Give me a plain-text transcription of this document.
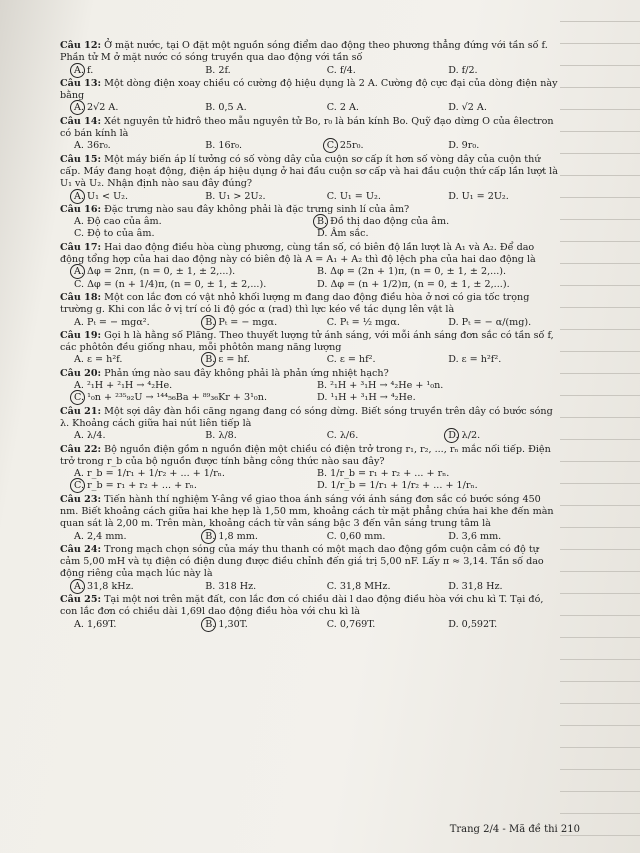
Câu 12: Ở mặt nước, tại O đặt một nguồn sóng điểm dao động theo phương thẳng đứng với tần số f. Phần tử M ở mặt nước có sóng truyền qua dao động với tần số
A. f.	B. 2f.	C. f/4.	D. f/2.
Câu 13: Một dòng điện xoay chiều có cường độ hiệu dụng là 2 A. Cường độ cực đại của dòng điện này bằng
A. 2√2 A.	B. 0,5 A.	C. 2 A.	D. √2 A.
Câu 14: Xét nguyên tử hiđrô theo mẫu nguyên tử Bo, r₀ là bán kính Bo. Quỹ đạo dừng O của êlectron có bán kính là
A. 36r₀.	B. 16r₀.	C. 25r₀.	D. 9r₀.
Câu 15: Một máy biến áp lí tưởng có số vòng dây của cuộn sơ cấp ít hơn số vòng dây của cuộn thứ cấp. Máy đang hoạt động, điện áp hiệu dụng ở hai đầu cuộn sơ cấp và hai đầu cuộn thứ cấp lần lượt là U₁ và U₂. Nhận định nào sau đây đúng?
A. U₁ < U₂.	B. U₁ > 2U₂.	C. U₁ = U₂.	D. U₁ = 2U₂.
Câu 16: Đặc trưng nào sau đây không phải là đặc trưng sinh lí của âm?
A. Độ cao của âm.	B. Đồ thị dao động của âm.
C. Độ to của âm.	D. Âm sắc.
Câu 17: Hai dao động điều hòa cùng phương, cùng tần số, có biên độ lần lượt là A₁ và A₂. Để dao động tổng hợp của hai dao động này có biên độ là A = A₁ + A₂ thì độ lệch pha của hai dao động là
A. Δφ = 2nπ, (n = 0, ± 1, ± 2,...).	B. Δφ = (2n + 1)π, (n = 0, ± 1, ± 2,...).
C. Δφ = (n + 1/4)π, (n = 0, ± 1, ± 2,...).	D. Δφ = (n + 1/2)π, (n = 0, ± 1, ± 2,...).
Câu 18: Một con lắc đơn có vật nhỏ khối lượng m đang dao động điều hòa ở nơi có gia tốc trọng trường g. Khi con lắc ở vị trí có li độ góc α (rad) thì lực kéo về tác dụng lên vật là
A. Pₜ = − mgα².	B. Pₜ = − mgα.	C. Pₜ = ½ mgα.	D. Pₜ = − α/(mg).
Câu 19: Gọi h là hằng số Plăng. Theo thuyết lượng tử ánh sáng, với mỗi ánh sáng đơn sắc có tần số f, các phôtôn đều giống nhau, mỗi phôtôn mang năng lượng
A. ε = h²f.	B. ε = hf.	C. ε = hf².	D. ε = h²f².
Câu 20: Phản ứng nào sau đây không phải là phản ứng nhiệt hạch?
A. ²₁H + ²₁H → ⁴₂He.	B. ²₁H + ³₁H → ⁴₂He + ¹₀n.
C. ¹₀n + ²³⁵₉₂U → ¹⁴⁴₅₆Ba + ⁸⁹₃₆Kr + 3¹₀n.	D. ¹₁H + ³₁H → ⁴₂He.
Câu 21: Một sợi dây đàn hồi căng ngang đang có sóng dừng. Biết sóng truyền trên dây có bước sóng λ. Khoảng cách giữa hai nút liên tiếp là
A. λ/4.	B. λ/8.	C. λ/6.	D. λ/2.
Câu 22: Bộ nguồn điện gồm n nguồn điện một chiều có điện trở trong r₁, r₂, ..., rₙ mắc nối tiếp. Điện trở trong r_b của bộ nguồn được tính bằng công thức nào sau đây?
A. r_b = 1/r₁ + 1/r₂ + ... + 1/rₙ.	B. 1/r_b = r₁ + r₂ + ... + rₙ.
C. r_b = r₁ + r₂ + ... + rₙ.	D. 1/r_b = 1/r₁ + 1/r₂ + ... + 1/rₙ.
Câu 23: Tiến hành thí nghiệm Y-âng về giao thoa ánh sáng với ánh sáng đơn sắc có bước sóng 450 nm. Biết khoảng cách giữa hai khe hẹp là 1,50 mm, khoảng cách từ mặt phẳng chứa hai khe đến màn quan sát là 2,00 m. Trên màn, khoảng cách từ vân sáng bậc 3 đến vân sáng trung tâm là
A. 2,4 mm.	B. 1,8 mm.	C. 0,60 mm.	D. 3,6 mm.
Câu 24: Trong mạch chọn sóng của máy thu thanh có một mạch dao động gồm cuộn cảm có độ tự cảm 5,00 mH và tụ điện có điện dung được điều chỉnh đến giá trị 5,00 nF. Lấy π ≈ 3,14. Tần số dao động riêng của mạch lúc này là
A. 31,8 kHz.	B. 318 Hz.	C. 31,8 MHz.	D. 31,8 Hz.
Câu 25: Tại một nơi trên mặt đất, con lắc đơn có chiều dài l dao động điều hòa với chu kì T. Tại đó, con lắc đơn có chiều dài 1,69l dao động điều hòa với chu kì là
A. 1,69T.	B. 1,30T.	C. 0,769T.	D. 0,592T.
Trang 2/4 - Mã đề thi 210
